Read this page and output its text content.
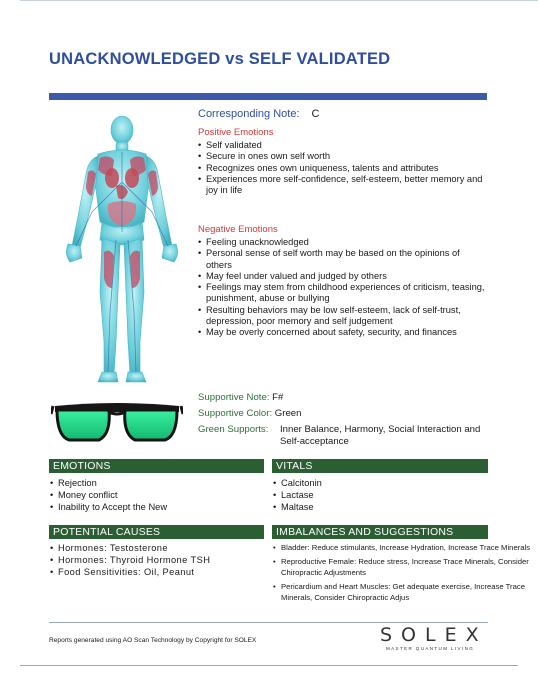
UNACKNOWLEDGED vs SELF VALIDATED
Corresponding Note: C
Positive Emotions
• Self validated
• Secure in ones own self worth
• Recognizes ones own uniqueness, talents and attributes
• Experiences more self-confidence, self-esteem, better memory and joy in life
Negative Emotions
• Feeling unacknowledged
• Personal sense of self worth may be based on the opinions of others
• May feel under valued and judged by others
• Feelings may stem from childhood experiences of criticism, teasing, punishment, abuse or bullying
• Resulting behaviors may be low self-esteem, lack of self-trust, depression, poor memory and self judgement
• May be overly concerned about safety, security, and finances
Supportive Note: F#
Supportive Color: Green
Green Supports: Inner Balance, Harmony, Social Interaction and Self-acceptance
EMOTIONS
• Rejection
• Money conflict
• Inability to Accept the New
VITALS
• Calcitonin
• Lactase
• Maltase
POTENTIAL CAUSES
• Hormones: Testosterone
• Hormones: Thyroid Hormone TSH
• Food Sensitivities: Oil, Peanut
IMBALANCES AND SUGGESTIONS
• Bladder: Reduce stimulants, Increase Hydration, Increase Trace Minerals
• Reproductive Female: Reduce stress, Increase Trace Minerals, Consider Chiropractic Adjustments
• Pericardium and Heart Muscles: Get adequate exercise, Increase Trace Minerals, Consider Chiropractic Adjus
Reports generated using AO Scan Technology by Copyright for SOLEX	SOLEX
MASTER QUANTUM LIVING
